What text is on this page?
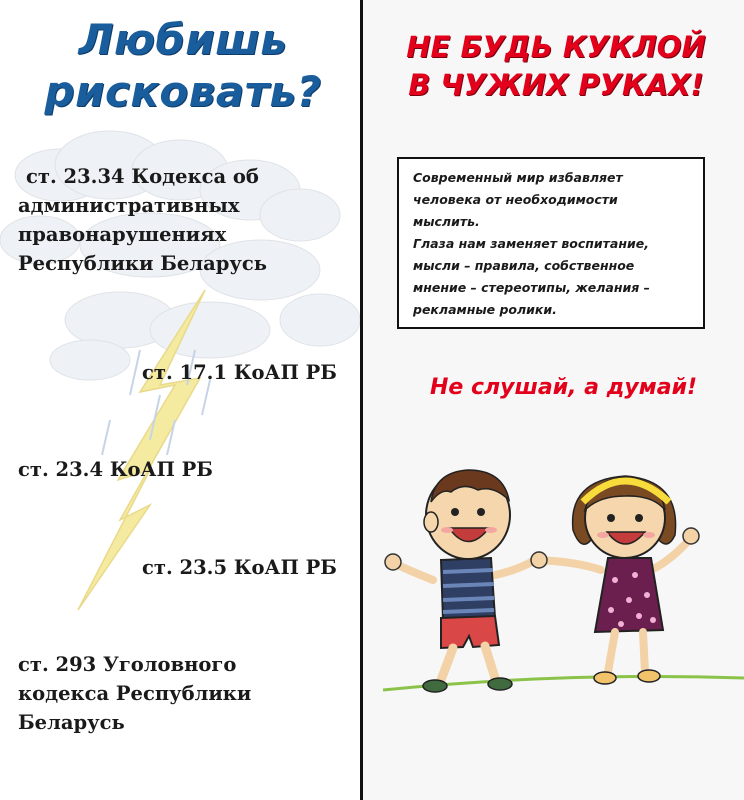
Любишь рисковать?
ст. 23.34 Кодекса об
административных
правонарушениях
Республики Беларусь
ст. 17.1 КоАП РБ
ст. 23.4 КоАП РБ
ст. 23.5 КоАП РБ
ст. 293 Уголовного
кодекса Республики
Беларусь
НЕ БУДЬ КУКЛОЙ
В ЧУЖИХ РУКАХ!
Современный мир избавляет
человека от необходимости
мыслить.
Глаза нам заменяет воспитание,
мысли – правила, собственное
мнение – стереотипы, желания –
рекламные ролики.
Не слушай, а думай!
